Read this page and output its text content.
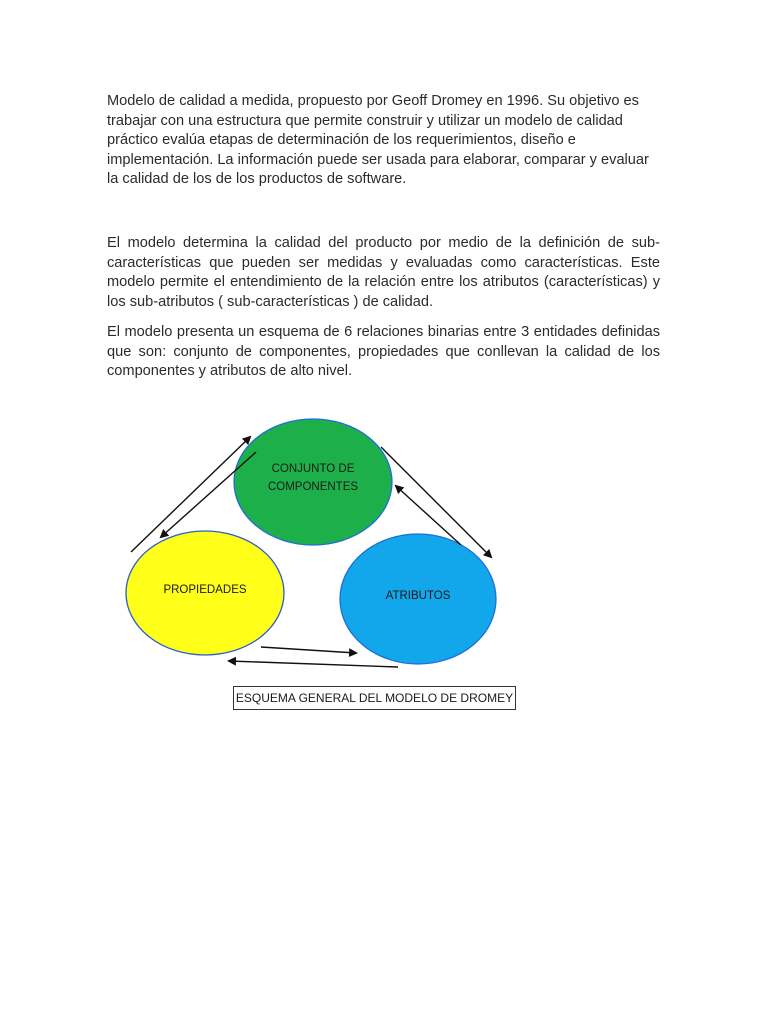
Modelo de calidad a medida, propuesto por Geoff Dromey en 1996. Su objetivo es trabajar con una estructura que permite construir y utilizar un modelo de calidad práctico evalúa etapas de determinación de los requerimientos, diseño e implementación. La información puede ser usada para elaborar, comparar y evaluar la calidad de los de los productos de software.

El modelo determina la calidad del producto por medio de la definición de sub-características que pueden ser medidas y evaluadas como características. Este modelo permite el entendimiento de la relación entre los atributos (características) y los sub-atributos ( sub-características ) de calidad.

El modelo presenta un esquema de 6 relaciones binarias entre 3 entidades definidas que son: conjunto de componentes, propiedades que conllevan la calidad de los componentes y atributos de alto nivel.

CONJUNTO DE
COMPONENTES
PROPIEDADES	ATRIBUTOS
ESQUEMA GENERAL DEL MODELO DE DROMEY
